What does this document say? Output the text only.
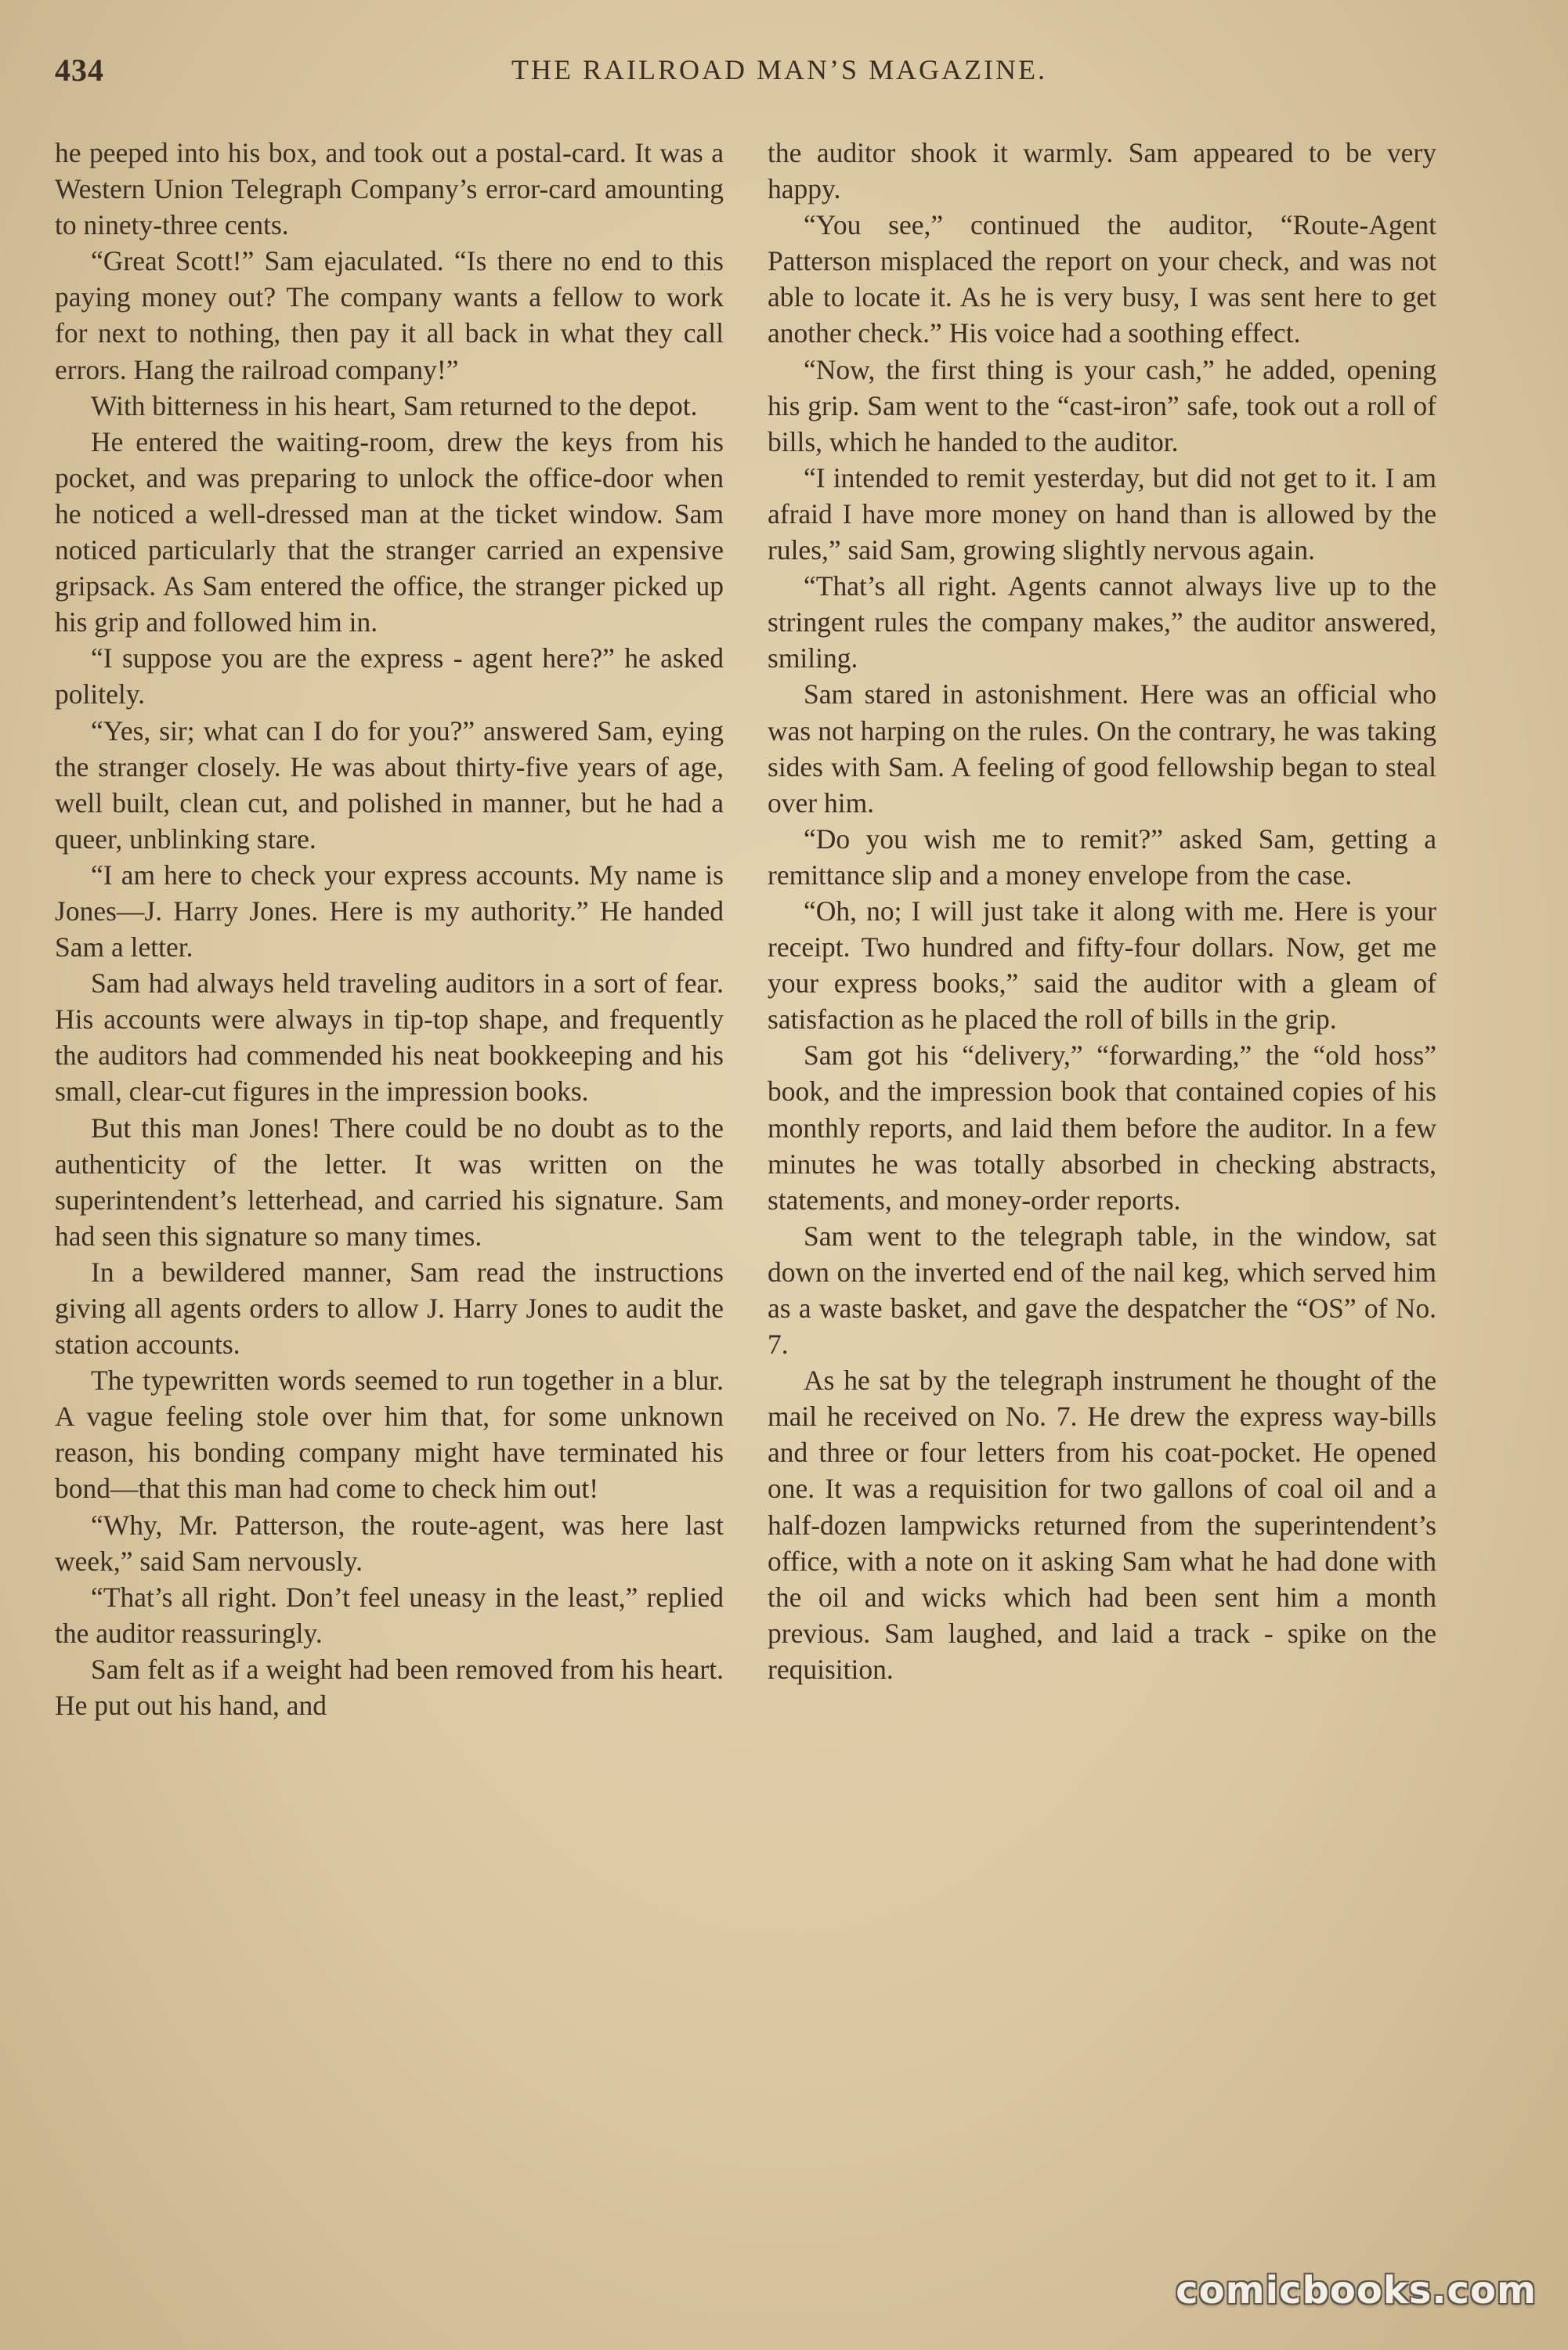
434	THE RAILROAD MAN’S MAGAZINE.

he peeped into his box, and took out a postal-card. It was a Western Union Telegraph Company’s error-card amounting to ninety-three cents.

“Great Scott!” Sam ejaculated. “Is there no end to this paying money out? The company wants a fellow to work for next to nothing, then pay it all back in what they call errors. Hang the railroad company!”

With bitterness in his heart, Sam returned to the depot.

He entered the waiting-room, drew the keys from his pocket, and was preparing to unlock the office-door when he noticed a well-dressed man at the ticket window. Sam noticed particularly that the stranger carried an expensive gripsack. As Sam entered the office, the stranger picked up his grip and followed him in.

“I suppose you are the express - agent here?” he asked politely.

“Yes, sir; what can I do for you?” answered Sam, eying the stranger closely. He was about thirty-five years of age, well built, clean cut, and polished in manner, but he had a queer, unblinking stare.

“I am here to check your express accounts. My name is Jones—J. Harry Jones. Here is my authority.” He handed Sam a letter.

Sam had always held traveling auditors in a sort of fear. His accounts were always in tip-top shape, and frequently the auditors had commended his neat bookkeeping and his small, clear-cut figures in the impression books.

But this man Jones! There could be no doubt as to the authenticity of the letter. It was written on the superintendent’s letterhead, and carried his signature. Sam had seen this signature so many times.

In a bewildered manner, Sam read the instructions giving all agents orders to allow J. Harry Jones to audit the station accounts.

The typewritten words seemed to run together in a blur. A vague feeling stole over him that, for some unknown reason, his bonding company might have terminated his bond—that this man had come to check him out!

“Why, Mr. Patterson, the route-agent, was here last week,” said Sam nervously.

“That’s all right. Don’t feel uneasy in the least,” replied the auditor reassuringly.

Sam felt as if a weight had been removed from his heart. He put out his hand, and

the auditor shook it warmly. Sam appeared to be very happy.

“You see,” continued the auditor, “Route-Agent Patterson misplaced the report on your check, and was not able to locate it. As he is very busy, I was sent here to get another check.” His voice had a soothing effect.

“Now, the first thing is your cash,” he added, opening his grip. Sam went to the “cast-iron” safe, took out a roll of bills, which he handed to the auditor.

“I intended to remit yesterday, but did not get to it. I am afraid I have more money on hand than is allowed by the rules,” said Sam, growing slightly nervous again.

“That’s all right. Agents cannot always live up to the stringent rules the company makes,” the auditor answered, smiling.

Sam stared in astonishment. Here was an official who was not harping on the rules. On the contrary, he was taking sides with Sam. A feeling of good fellowship began to steal over him.

“Do you wish me to remit?” asked Sam, getting a remittance slip and a money envelope from the case.

“Oh, no; I will just take it along with me. Here is your receipt. Two hundred and fifty-four dollars. Now, get me your express books,” said the auditor with a gleam of satisfaction as he placed the roll of bills in the grip.

Sam got his “delivery,” “forwarding,” the “old hoss” book, and the impression book that contained copies of his monthly reports, and laid them before the auditor. In a few minutes he was totally absorbed in checking abstracts, statements, and money-order reports.

Sam went to the telegraph table, in the window, sat down on the inverted end of the nail keg, which served him as a waste basket, and gave the despatcher the “OS” of No. 7.

As he sat by the telegraph instrument he thought of the mail he received on No. 7. He drew the express way-bills and three or four letters from his coat-pocket. He opened one. It was a requisition for two gallons of coal oil and a half-dozen lampwicks returned from the superintendent’s office, with a note on it asking Sam what he had done with the oil and wicks which had been sent him a month previous. Sam laughed, and laid a track - spike on the requisition.

comicbooks.com
